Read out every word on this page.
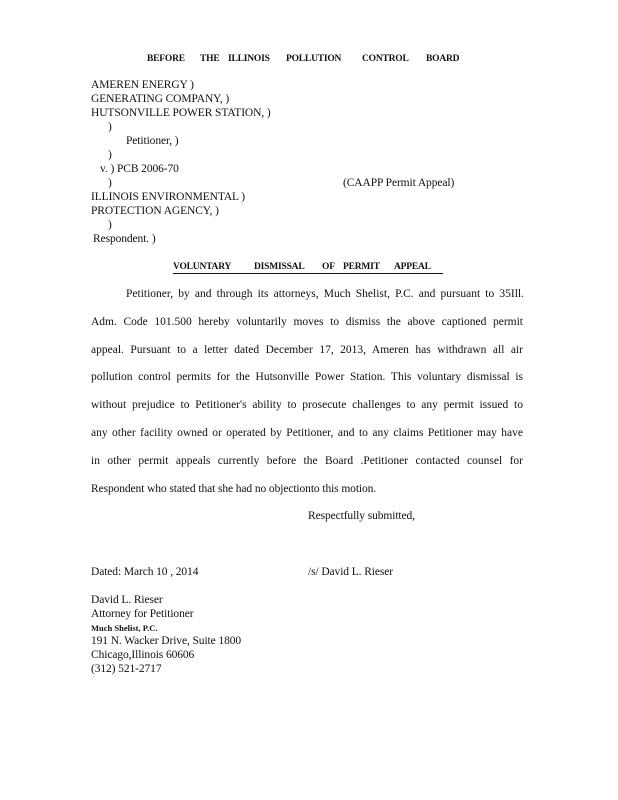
BEFORE THE ILLINOIS POLLUTION CONTROL BOARD
AMEREN ENERGY )
GENERATING COMPANY, )
HUTSONVILLE POWER STATION, )
)
Petitioner, )
)
v. ) PCB 2006-70
)	(CAAPP Permit Appeal)
ILLINOIS ENVIRONMENTAL )
PROTECTION AGENCY, )
)
Respondent. )
VOLUNTARY DISMISSAL OF PERMIT APPEAL
Petitioner, by and through its attorneys, Much Shelist, P.C. and pursuant to 35Ill.
Adm. Code 101.500 hereby voluntarily moves to dismiss the above captioned permit
appeal. Pursuant to a letter dated December 17, 2013, Ameren has withdrawn all air
pollution control permits for the Hutsonville Power Station. This voluntary dismissal is
without prejudice to Petitioner's ability to prosecute challenges to any permit issued to
any other facility owned or operated by Petitioner, and to any claims Petitioner may have
in other permit appeals currently before the Board .Petitioner contacted counsel for
Respondent who stated that she had no objectionto this motion.
Respectfully submitted,
Dated: March 10 , 2014	/s/ David L. Rieser
David L. Rieser
Attorney for Petitioner
Much Shelist, P.C.
191 N. Wacker Drive, Suite 1800
Chicago,Illinois 60606
(312) 521-2717
